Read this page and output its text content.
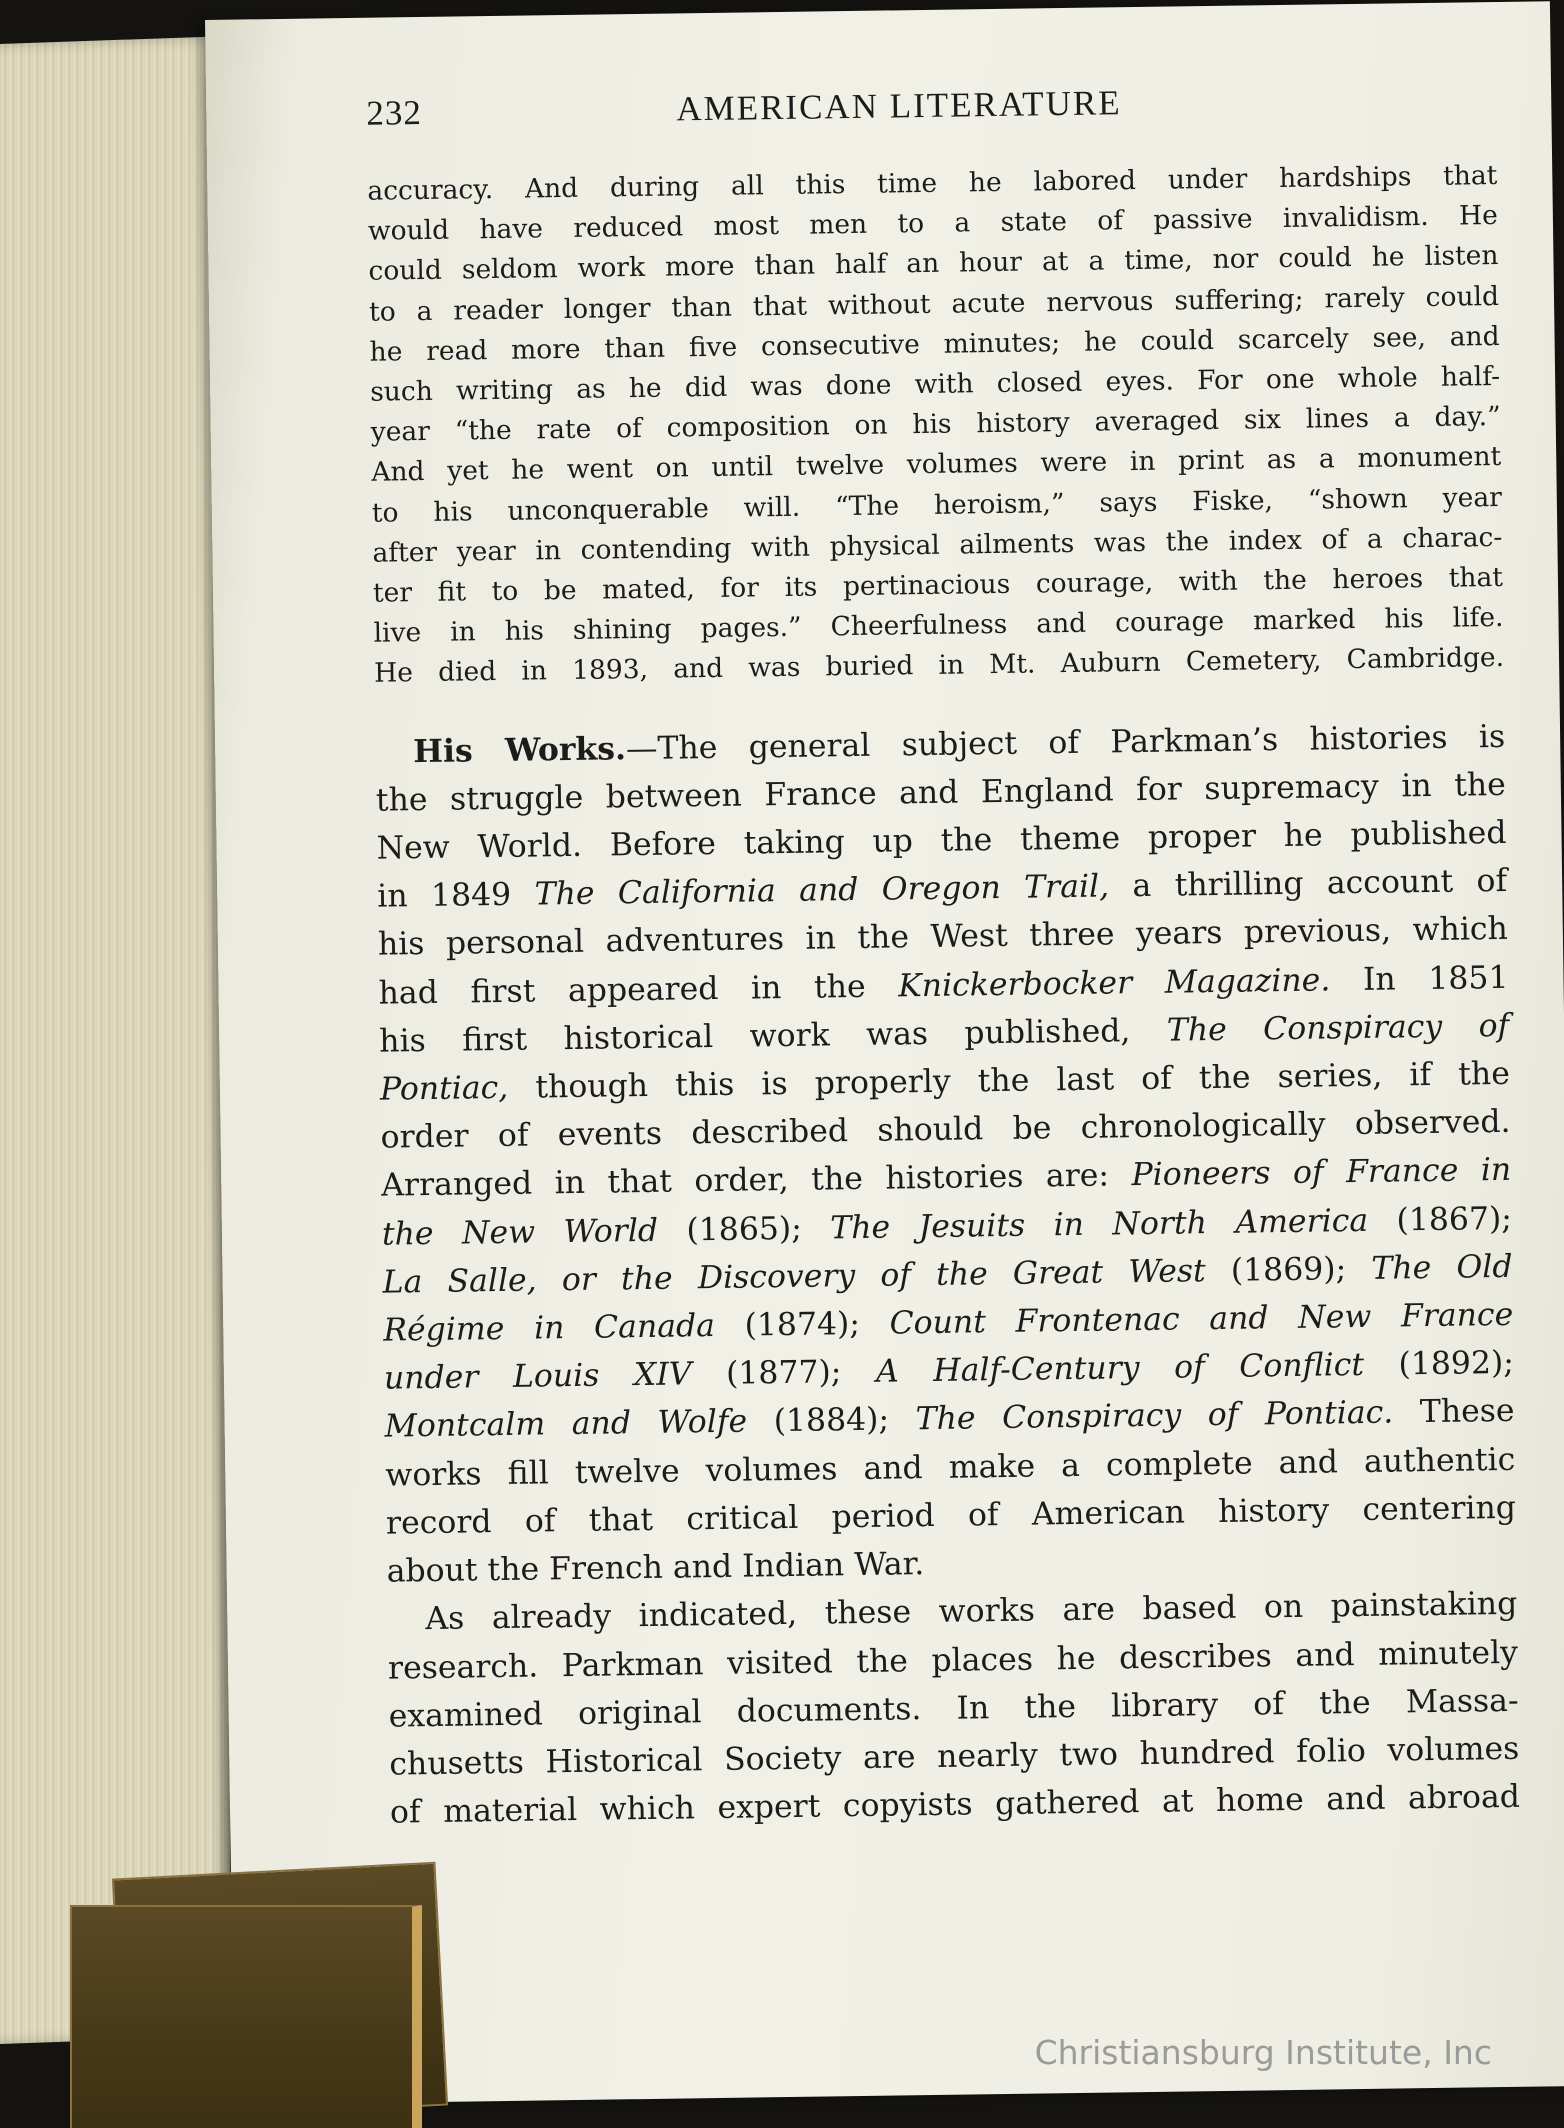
232	AMERICAN LITERATURE
accuracy. And during all this time he labored under hardships that
would have reduced most men to a state of passive invalidism. He
could seldom work more than half an hour at a time, nor could he listen
to a reader longer than that without acute nervous suffering; rarely could
he read more than five consecutive minutes; he could scarcely see, and
such writing as he did was done with closed eyes. For one whole half-
year “the rate of composition on his history averaged six lines a day.”
And yet he went on until twelve volumes were in print as a monument
to his unconquerable will. “The heroism,” says Fiske, “shown year
after year in contending with physical ailments was the index of a charac-
ter fit to be mated, for its pertinacious courage, with the heroes that
live in his shining pages.” Cheerfulness and courage marked his life.
He died in 1893, and was buried in Mt. Auburn Cemetery, Cambridge.
His Works.—The general subject of Parkman’s histories is
the struggle between France and England for supremacy in the
New World. Before taking up the theme proper he published
in 1849 The California and Oregon Trail, a thrilling account of
his personal adventures in the West three years previous, which
had first appeared in the Knickerbocker Magazine. In 1851
his first historical work was published, The Conspiracy of
Pontiac, though this is properly the last of the series, if the
order of events described should be chronologically observed.
Arranged in that order, the histories are: Pioneers of France in
the New World (1865); The Jesuits in North America (1867);
La Salle, or the Discovery of the Great West (1869); The Old
Régime in Canada (1874); Count Frontenac and New France
under Louis XIV (1877); A Half-Century of Conflict (1892);
Montcalm and Wolfe (1884); The Conspiracy of Pontiac. These
works fill twelve volumes and make a complete and authentic
record of that critical period of American history centering
about the French and Indian War.
As already indicated, these works are based on painstaking
research. Parkman visited the places he describes and minutely
examined original documents. In the library of the Massa-
chusetts Historical Society are nearly two hundred folio volumes
of material which expert copyists gathered at home and abroad
Christiansburg Institute, Inc
